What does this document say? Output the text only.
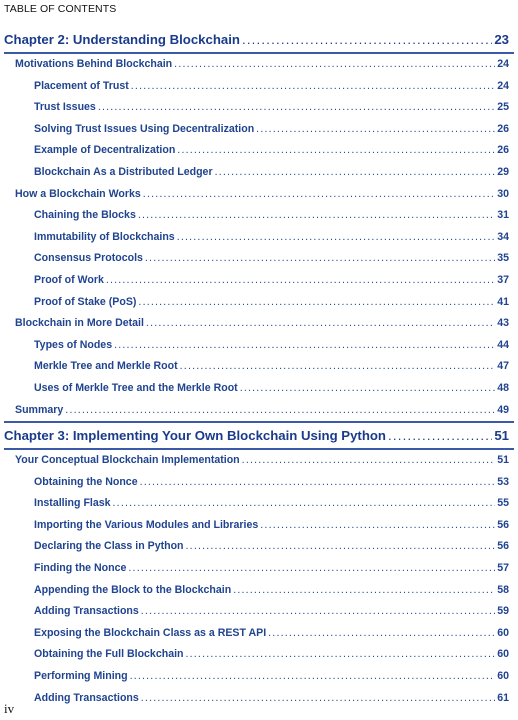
TABLE OF CONTENTS
Chapter 2: Understanding Blockchain .....	23
Motivations Behind Blockchain .....	24
Placement of Trust .....	24
Trust Issues .....	25
Solving Trust Issues Using Decentralization .....	26
Example of Decentralization .....	26
Blockchain As a Distributed Ledger .....	29
How a Blockchain Works .....	30
Chaining the Blocks .....	31
Immutability of Blockchains .....	34
Consensus Protocols .....	35
Proof of Work .....	37
Proof of Stake (PoS) .....	41
Blockchain in More Detail .....	43
Types of Nodes .....	44
Merkle Tree and Merkle Root .....	47
Uses of Merkle Tree and the Merkle Root .....	48
Summary .....	49
Chapter 3: Implementing Your Own Blockchain Using Python .....	51
Your Conceptual Blockchain Implementation .....	51
Obtaining the Nonce .....	53
Installing Flask .....	55
Importing the Various Modules and Libraries .....	56
Declaring the Class in Python .....	56
Finding the Nonce .....	57
Appending the Block to the Blockchain .....	58
Adding Transactions .....	59
Exposing the Blockchain Class as a REST API .....	60
Obtaining the Full Blockchain .....	60
Performing Mining .....	60
Adding Transactions .....	61
iv
